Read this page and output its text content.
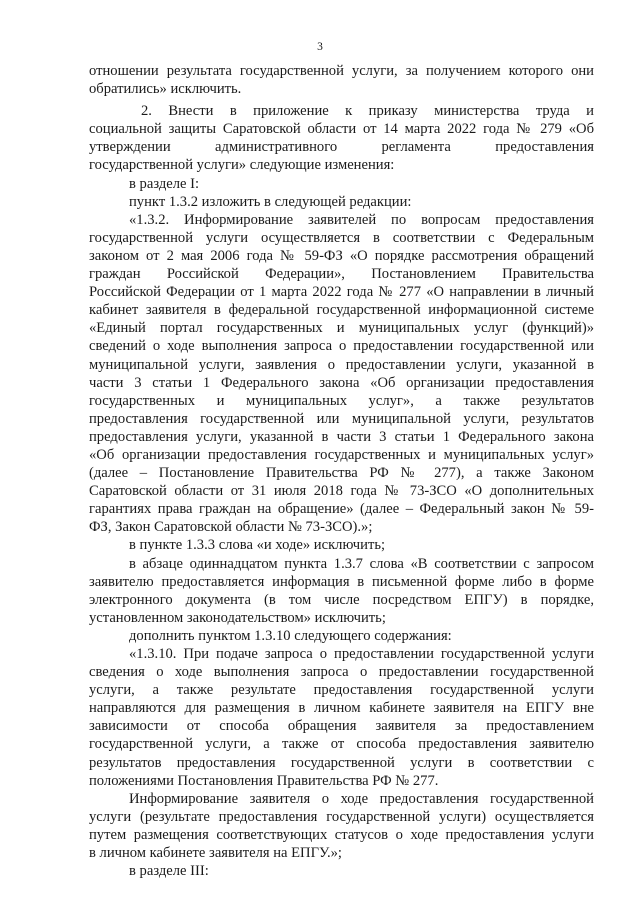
3
отношении результата государственной услуги, за получением которого они
обратились» исключить.
2. Внести в приложение к приказу министерства труда и
социальной защиты Саратовской области от 14 марта 2022 года № 279 «Об
утверждении административного регламента предоставления
государственной услуги» следующие изменения:
в разделе I:
пункт 1.3.2 изложить в следующей редакции:
«1.3.2. Информирование заявителей по вопросам предоставления
государственной услуги осуществляется в соответствии с Федеральным
законом от 2 мая 2006 года № 59-ФЗ «О порядке рассмотрения обращений
граждан Российской Федерации», Постановлением Правительства
Российской Федерации от 1 марта 2022 года № 277 «О направлении в личный
кабинет заявителя в федеральной государственной информационной системе
«Единый портал государственных и муниципальных услуг (функций)»
сведений о ходе выполнения запроса о предоставлении государственной или
муниципальной услуги, заявления о предоставлении услуги, указанной в
части 3 статьи 1 Федерального закона «Об организации предоставления
государственных и муниципальных услуг», а также результатов
предоставления государственной или муниципальной услуги, результатов
предоставления услуги, указанной в части 3 статьи 1 Федерального закона
«Об организации предоставления государственных и муниципальных услуг»
(далее – Постановление Правительства РФ № 277), а также Законом
Саратовской области от 31 июля 2018 года № 73-ЗСО «О дополнительных
гарантиях права граждан на обращение» (далее – Федеральный закон № 59-
ФЗ, Закон Саратовской области № 73-ЗСО).»;
в пункте 1.3.3 слова «и ходе» исключить;
в абзаце одиннадцатом пункта 1.3.7 слова «В соответствии с запросом
заявителю предоставляется информация в письменной форме либо в форме
электронного документа (в том числе посредством ЕПГУ) в порядке,
установленном законодательством» исключить;
дополнить пунктом 1.3.10 следующего содержания:
«1.3.10. При подаче запроса о предоставлении государственной услуги
сведения о ходе выполнения запроса о предоставлении государственной
услуги, а также результате предоставления государственной услуги
направляются для размещения в личном кабинете заявителя на ЕПГУ вне
зависимости от способа обращения заявителя за предоставлением
государственной услуги, а также от способа предоставления заявителю
результатов предоставления государственной услуги в соответствии с
положениями Постановления Правительства РФ № 277.
Информирование заявителя о ходе предоставления государственной
услуги (результате предоставления государственной услуги) осуществляется
путем размещения соответствующих статусов о ходе предоставления услуги
в личном кабинете заявителя на ЕПГУ.»;
в разделе III:
